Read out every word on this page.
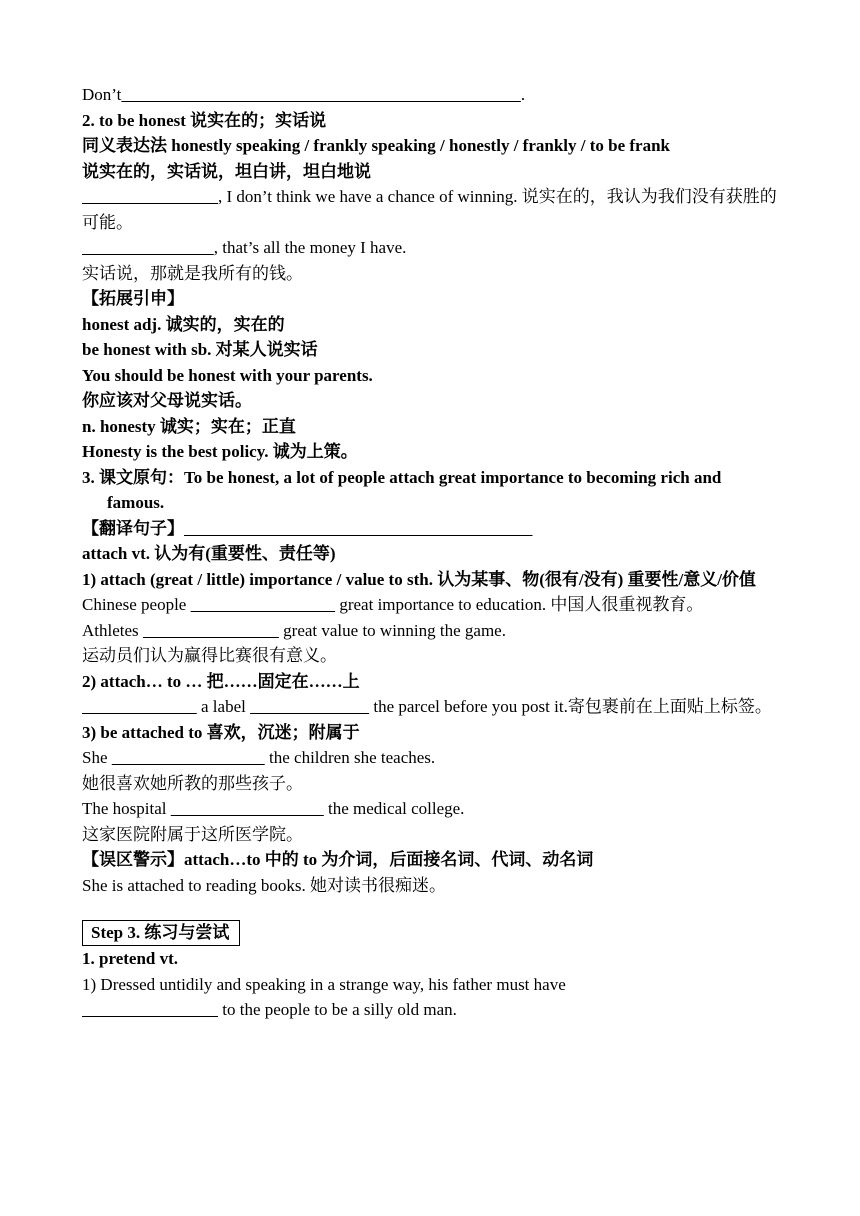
Don’t	.
2. to be honest 说实在的；实话说
同义表达法 honestly speaking / frankly speaking / honestly / frankly / to be frank
说实在的，实话说，坦白讲，坦白地说
, I don’t think we have a chance of winning. 说实在的，我认为我们没有获胜的可能。
, that’s all the money I have.
实话说，那就是我所有的钱。
【拓展引申】
honest adj. 诚实的，实在的
be honest with sb. 对某人说实话
You should be honest with your parents.
你应该对父母说实话。
n. honesty 诚实；实在；正直
Honesty is the best policy. 诚为上策。
3. 课文原句：To be honest, a lot of people attach great importance to becoming rich and famous.
【翻译句子】
attach vt. 认为有(重要性、责任等)
1) attach (great / little) importance / value to sth. 认为某事、物(很有/没有) 重要性/意义/价值
Chinese people	great importance to education. 中国人很重视教育。
Athletes	great value to winning the game.
运动员们认为赢得比赛很有意义。
2) attach… to … 把……固定在……上
a label	the parcel before you post it.寄包裹前在上面贴上标签。
3) be attached to 喜欢，沉迷；附属于
She	the children she teaches.
她很喜欢她所教的那些孩子。
The hospital	the medical college.
这家医院附属于这所医学院。
【误区警示】attach…to 中的 to 为介词，后面接名词、代词、动名词
She is attached to reading books. 她对读书很痴迷。
Step 3. 练习与尝试
1. pretend vt.
1) Dressed untidily and speaking in a strange way, his father must have
to the people to be a silly old man.
